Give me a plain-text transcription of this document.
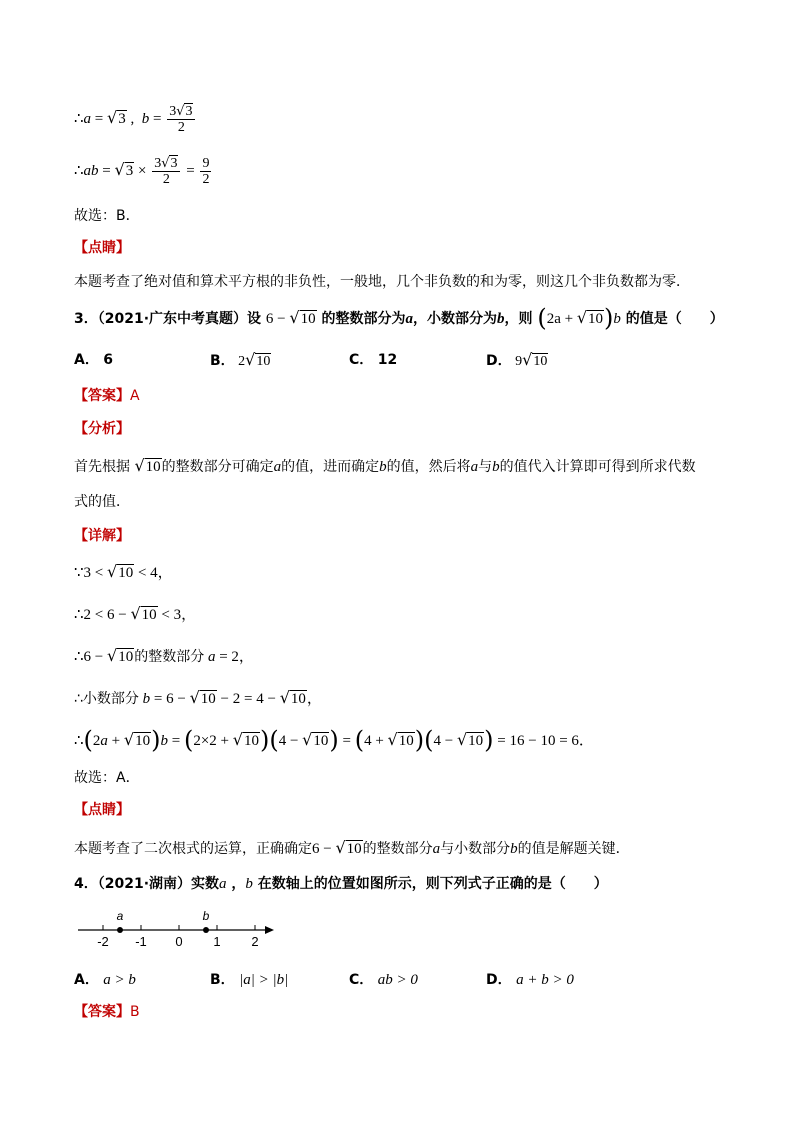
∴a = √3 ,  $b = \frac{3√3}{2}$
∴ab = $√3 \times \frac{3√3}{2} = \frac{9}{2}$
故选：B．
【点睛】
本题考查了绝对值和算术平方根的非负性，一般地，几个非负数的和为零，则这几个非负数都为零．
3．（2021·广东中考真题）设 6 − √10 的整数部分为a，小数部分为b，则 (2a + √10)b 的值是（　　）
A． 6	B． 2√10	C． 12	D． 9√10
【答案】A
【分析】
首先根据 √10的整数部分可确定a的值，进而确定b的值，然后将a与b的值代入计算即可得到所求代数
式的值．
【详解】
∵3 < √10 < 4，
∴2 < 6 − √10 < 3，
∴6 − √10的整数部分 a = 2，
∴小数部分 b = 6 − √10 − 2 = 4 − √10，
∴(2a + √10)b = (2×2 + √10)(4 − √10) = (4 + √10)(4 − √10) = 16 − 10 = 6．
故选：A．
【点睛】
本题考查了二次根式的运算，正确确定6 − √10的整数部分a与小数部分b的值是解题关键．
4．（2021·湖南）实数a ，b 在数轴上的位置如图所示，则下列式子正确的是（　　）
-2 -1 0 1 2
a	b
A． a > b	B． |a| > |b|	C． ab > 0	D． a + b > 0
【答案】B
